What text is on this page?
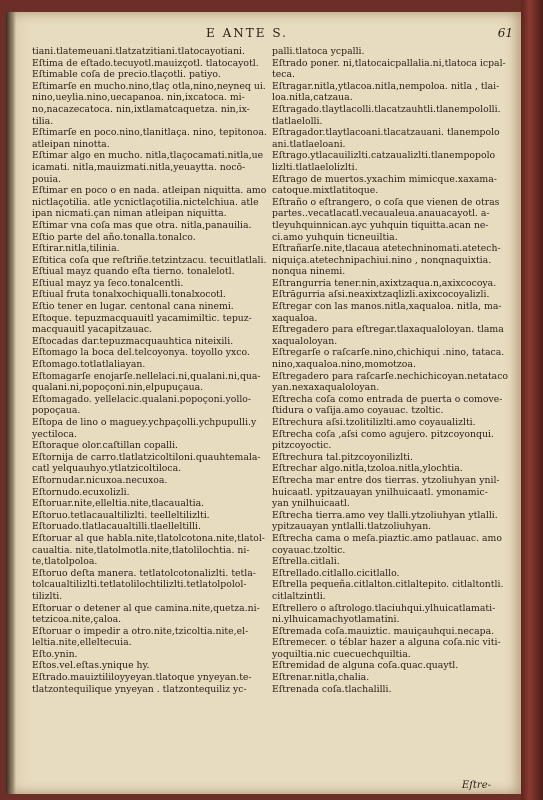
E ANTE S.	61
tiani.tlatemeuani.tlatzatzitiani.tlatocayotiani.
Eſtima de eſtado.tecuyotl.mauizçotl. tlatocayotl.
Eſtimable coſa de precio.tlaçotli. patiyo.
Eſtimarſe en mucho.nino,tlaç otla,nino,neyneq ui.
nino,ueylia.nino,uecapanoa. nin,ixcatoca. mi-
no,nacazecatoca. nin,ixtlamatcaquetza. nin,ix-
tilia.
Eſtimarſe en poco.nino,tlanitlaça. nino, tepitonoa.
atleipan ninotta.
Eſtimar algo en mucho. nitla,tlaçocamati.nitla,ue
icamati. nitla,mauizmati.nitla,yeuaytta. nocō-
pouia.
Eſtimar en poco o en nada. atleipan niquitta. amo
nictlaçotilia. atle ycnictlaçotilia.nictelchiua. atle
ipan nicmati.çan niman atleipan niquitta.
Eſtimar vna coſa mas que otra. nitla,panauilia.
Eſtio parte del año.tonalla.tonalco.
Eſtirar.nitla,tilinia.
Eſtitica coſa que reſtriñe.tetzintzacu. tecuitlatlali.
Eſtiual mayz quando eſta tierno. tonalelotl.
Eſtiual mayz ya ſeco.tonalcentli.
Eſtiual fruta tonalxochiqualli.tonalxocotl.
Eſtio tener en lugar. centonal cana ninemi.
Eſtoque. tepuzmacquauitl yacamimiltic. tepuz-
macquauitl yacapitzauac.
Eſtocadas dar.tepuzmacquauhtica niteixili.
Eſtomago la boca del.telcoyonya. toyollo yxco.
Eſtomago.totlatlaliayan.
Eſtomagarſe enojarſe.nellelaci.ni,qualani.ni,qua-
qualani.ni,popoçoni.nin,elpupuçaua.
Eſtomagado. yellelacic.qualani.popoçoni.yollo-
popoçaua.
Eſtopa de lino o maguey.ychpaçolli.ychpupulli.y
yectiloca.
Eſtoraque olor.caſtillan copalli.
Eſtornija de carro.tlatlatzicoltiloni.quauhtemala-
catl yelquauhyo.ytlatzicoltiloca.
Eſtornudar.nicuxoa.necuxoa.
Eſtornudo.ecuxolizli.
Eſtoruar.nite,elleltia.nite,tlacaualtia.
Eſtoruo.tetlacaualtilizlti. teelleltilizlti.
Eſtoruado.tlatlacaualtilli.tlaelleltilli.
Eſtoruar al que habla.nite,tlatolcotona.nite,tlatol-
caualtia. nite,tlatolmotla.nite,tlatolilochtia. ni-
te,tlatolpoloa.
Eſtoruo deſta manera. tetlatolcotonalizlti. tetla-
tolcaualtilizlti.tetlatolilochtilizlti.tetlatolpolol-
tilizlti.
Eſtoruar o detener al que camina.nite,quetza.ni-
tetzicoa.nite,çaloa.
Eſtoruar o impedir a otro.nite,tzicoltia.nite,el-
leltia.nite,elleltecuia.
Eſto.ynin.
Eſtos.vel.eſtas.ynique hy.
Eſtrado.mauiztililoyyeyan.tlatoque ynyeyan.te-
tlatzontequilique ynyeyan . tlatzontequiliz yc-
palli.tlatoca ycpalli.
Eſtrado poner. ni,tlatocaicpallalia.ni,tlatoca icpal-
teca.
Eſtragar.nitla,ytlacoa.nitla,nempoloa. nitla , tlai-
loa.nitla,catzaua.
Eſtragado.tlaytlacolli.tlacatzauhtli.tlanempololli.
tlatlaelolli.
Eſtragador.tlaytlacoani.tlacatzauani. tlanempolo
ani.tlatlaeloani.
Eſtrago.ytlacauilizlti.catzaualizlti.tlanempopolo
lizlti.tlatlaelolizlti.
Eſtrago de muertos.yxachim mimicque.xaxama-
catoque.mixtlatitoque.
Eſtraño o eſtrangero, o coſa que vienen de otras
partes..vecatlacatl.vecaualeua.anauacayotl. a-
tleyuhquinnican.ayc yuhquin tiquitta.acan ne-
ci.amo yuhquin ticneuiltia.
Eſtrañarſe.nite,tlacaua atetechninomati.atetech-
niquiça.atetechnipachiui.nino , nonqnaquixtia.
nonqua ninemi.
Eſtrangurria tener.nin,axixtzaqua.n,axixcocoya.
Eſtrāgurria aſsi.neaxixtzaqlizli.axixcocoyalizli.
Eſtregar con las manos.nitla,xaqualoa. nitla, ma-
xaqualoa.
Eſtregadero para eſtregar.tlaxaqualoloyan. tlama
xaqualoloyan.
Eſtregarſe o raſcarſe.nino,chichiqui .nino, tataca.
nino,xaqualoa.nino,momotzoa.
Eſtregadero para raſcarſe.nechichicoyan.netataco
yan.nexaxaqualoloyan.
Eſtrecha coſa como entrada de puerta o comove-
ſtidura o vaſija.amo coyauac. tzoltic.
Eſtrechura aſsi.tzolitilizlti.amo coyaualizlti.
Eſtrecha coſa ,aſsi como agujero. pitzcoyonqui.
pitzcoyoctic.
Eſtrechura tal.pitzcoyonilizlti.
Eſtrechar algo.nitla,tzoloa.nitla,ylochtia.
Eſtrecha mar entre dos tierras. ytzoliuhyan ynil-
huicaatl. ypitzauayan ynilhuicaatl. ymonamic-
yan ynilhuicaatl.
Eſtrecha tierra.amo vey tlalli.ytzoliuhyan ytlalli.
ypitzauayan yntlalli.tlatzoliuhyan.
Eſtrecha cama o meſa.piaztic.amo patlauac. amo
coyauac.tzoltic.
Eſtrella.citlali.
Eſtrellado.citlallo.cicitlallo.
Eſtrella pequeña.citlalton.citlaltepito. citlaltontli.
citlaltzintli.
Eſtrellero o aſtrologo.tlaciuhqui.ylhuicatlamati-
ni.ylhuicamachyotlamatini.
Eſtremada coſa.mauiztic. mauiçauhqui.necapa.
Eſtremecer. o téblar hazer a alguna coſa.nic viti-
yoquiltia.nic cuecuechquiltia.
Eſtremidad de alguna coſa.quac.quaytl.
Eſtrenar.nitla,chalia.
Eſtrenada coſa.tlachalilli.
Eſtre-
